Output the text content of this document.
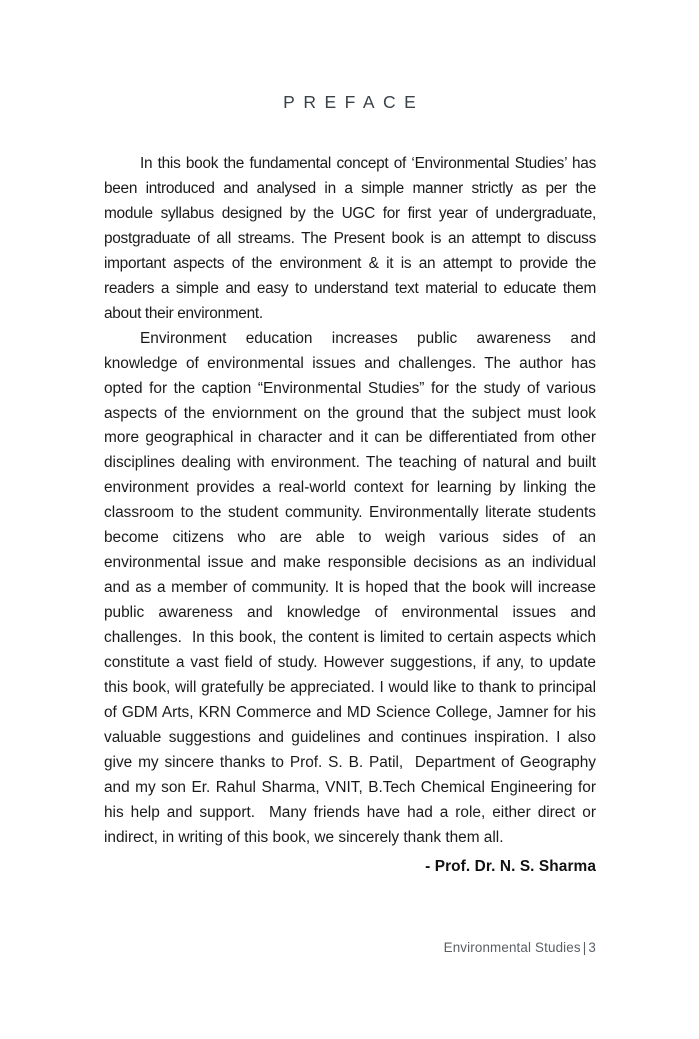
PREFACE

In this book the fundamental concept of ‘Environmental Studies’ has been introduced and analysed in a simple manner strictly as per the module syllabus designed by the UGC for first year of undergraduate, postgraduate of all streams. The Present book is an attempt to discuss important aspects of the environment & it is an attempt to provide the readers a simple and easy to understand text material to educate them about their environment.

Environment education increases public awareness and knowledge of environmental issues and challenges. The author has opted for the caption “Environmental Studies” for the study of various aspects of the enviornment on the ground that the subject must look more geographical in character and it can be differentiated from other disciplines dealing with environment. The teaching of natural and built environment provides a real-world context for learning by linking the classroom to the student community. Environmentally literate students become citizens who are able to weigh various sides of an environmental issue and make responsible decisions as an individual and as a member of community. It is hoped that the book will increase public awareness and knowledge of environmental issues and challenges.  In this book, the content is limited to certain aspects which constitute a vast field of study. However suggestions, if any, to update this book, will gratefully be appreciated. I would like to thank to principal of GDM Arts, KRN Commerce and MD Science College, Jamner for his valuable suggestions and guidelines and continues inspiration. I also give my sincere thanks to Prof. S. B. Patil,  Department of Geography and my son Er. Rahul Sharma, VNIT, B.Tech Chemical Engineering for his help and support.  Many friends have had a role, either direct or indirect, in writing of this book, we sincerely thank them all.

- Prof. Dr. N. S. Sharma
Environmental Studies | 3
